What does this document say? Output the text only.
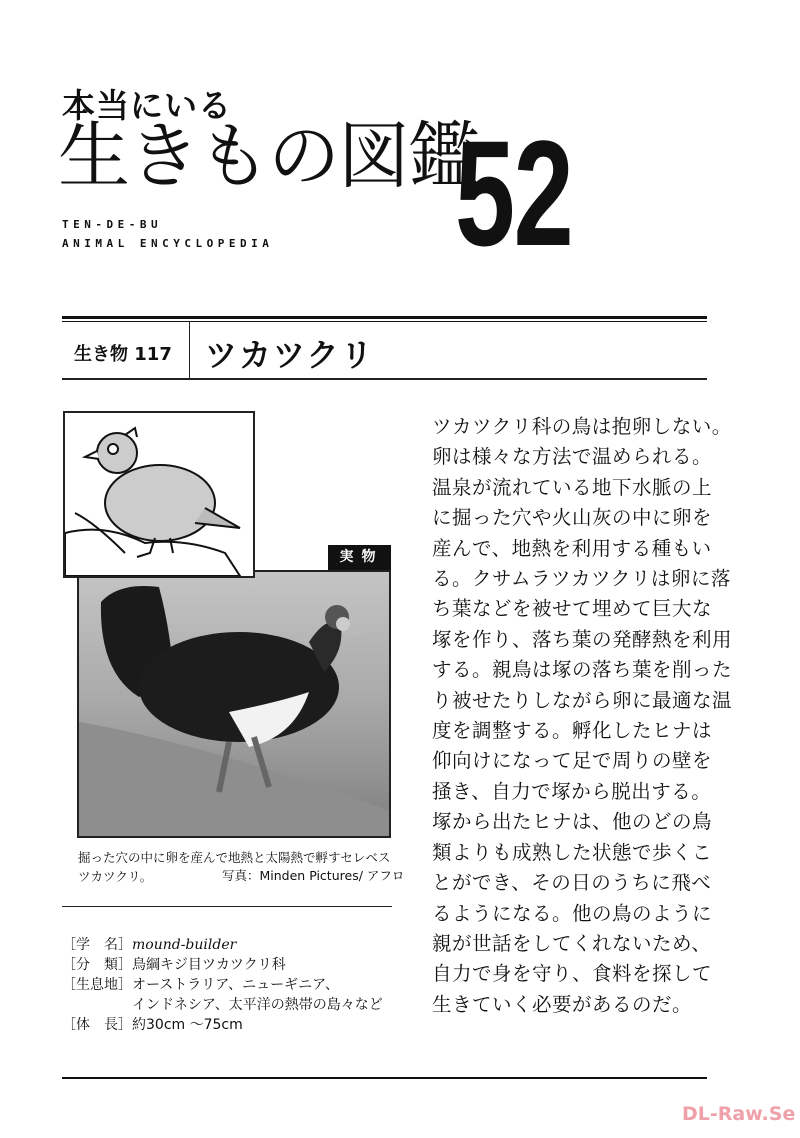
本当にいる
生きもの図鑑
52
TEN-DE-BU
ANIMAL ENCYCLOPEDIA
生き物 117 ツカツクリ
実物
掘った穴の中に卵を産んで地熱と太陽熱で孵すセレベスツカツクリ。	写真：Minden Pictures/ アフロ
［学　名］ mound-builder
［分　類］ 鳥綱キジ目ツカツクリ科
［生息地］ オーストラリア、ニューギニア、
インドネシア、太平洋の熱帯の島々など
［体　長］ 約30cm ～75cm
ツカツクリ科の鳥は抱卵しない。
卵は様々な方法で温められる。
温泉が流れている地下水脈の上
に掘った穴や火山灰の中に卵を
産んで、地熱を利用する種もい
る。クサムラツカツクリは卵に落
ち葉などを被せて埋めて巨大な
塚を作り、落ち葉の発酵熱を利用
する。親鳥は塚の落ち葉を削った
り被せたりしながら卵に最適な温
度を調整する。孵化したヒナは
仰向けになって足で周りの壁を
掻き、自力で塚から脱出する。
塚から出たヒナは、他のどの鳥
類よりも成熟した状態で歩くこ
とができ、その日のうちに飛べ
るようになる。他の鳥のように
親が世話をしてくれないため、
自力で身を守り、食料を探して
生きていく必要があるのだ。
DL-Raw.Se
